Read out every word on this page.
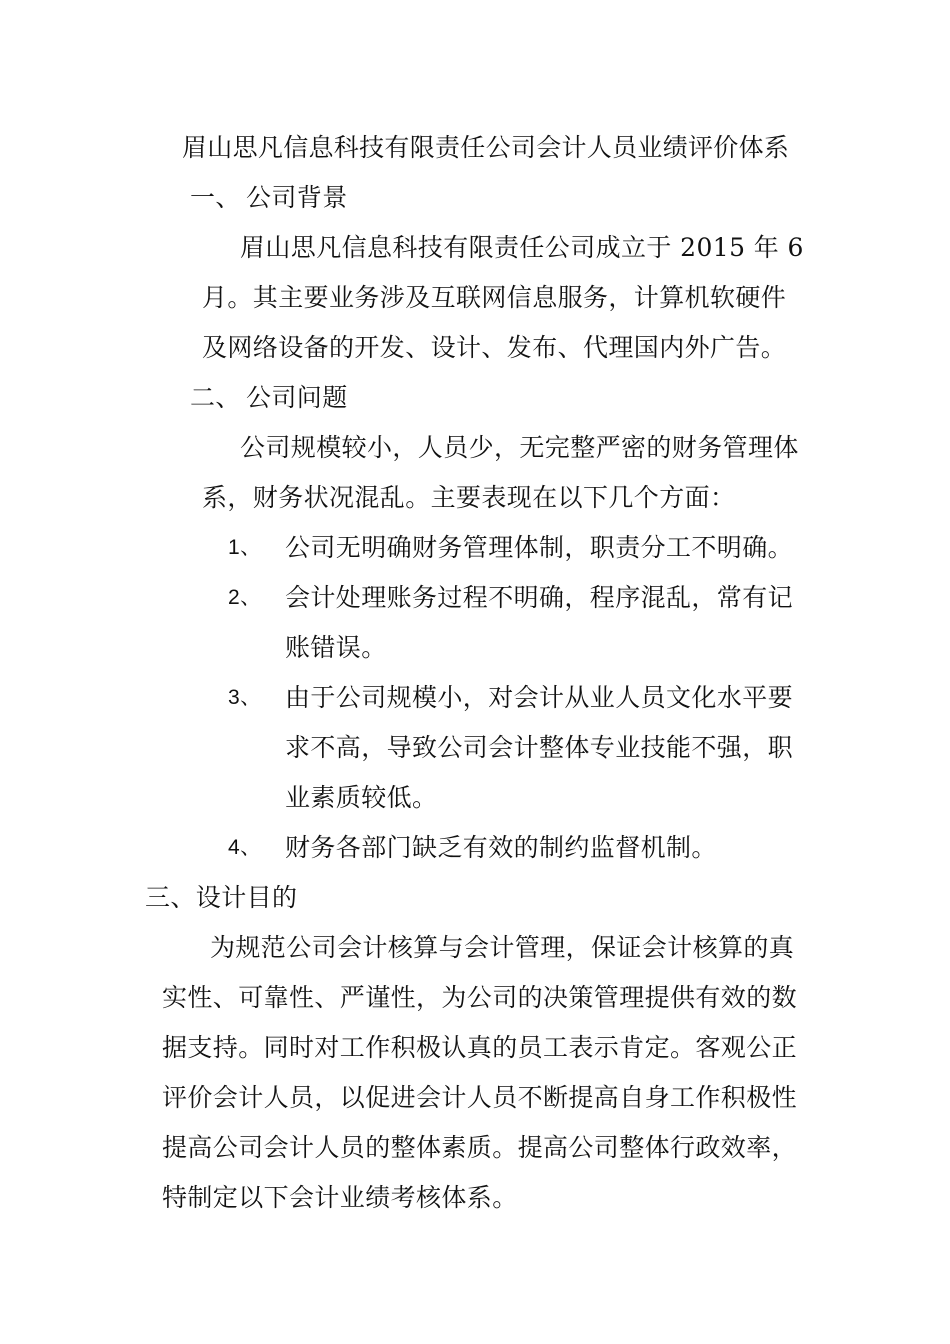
眉山思凡信息科技有限责任公司会计人员业绩评价体系
一、 公司背景
眉山思凡信息科技有限责任公司成立于 2015 年 6
月。其主要业务涉及互联网信息服务，计算机软硬件
及网络设备的开发、设计、发布、代理国内外广告。
二、 公司问题
公司规模较小，人员少，无完整严密的财务管理体
系，财务状况混乱。主要表现在以下几个方面：
1、 公司无明确财务管理体制，职责分工不明确。
2、 会计处理账务过程不明确，程序混乱，常有记
账错误。
3、 由于公司规模小，对会计从业人员文化水平要
求不高，导致公司会计整体专业技能不强，职
业素质较低。
4、 财务各部门缺乏有效的制约监督机制。
三、设计目的
为规范公司会计核算与会计管理，保证会计核算的真
实性、可靠性、严谨性，为公司的决策管理提供有效的数
据支持。同时对工作积极认真的员工表示肯定。客观公正
评价会计人员，以促进会计人员不断提高自身工作积极性
提高公司会计人员的整体素质。提高公司整体行政效率，
特制定以下会计业绩考核体系。
